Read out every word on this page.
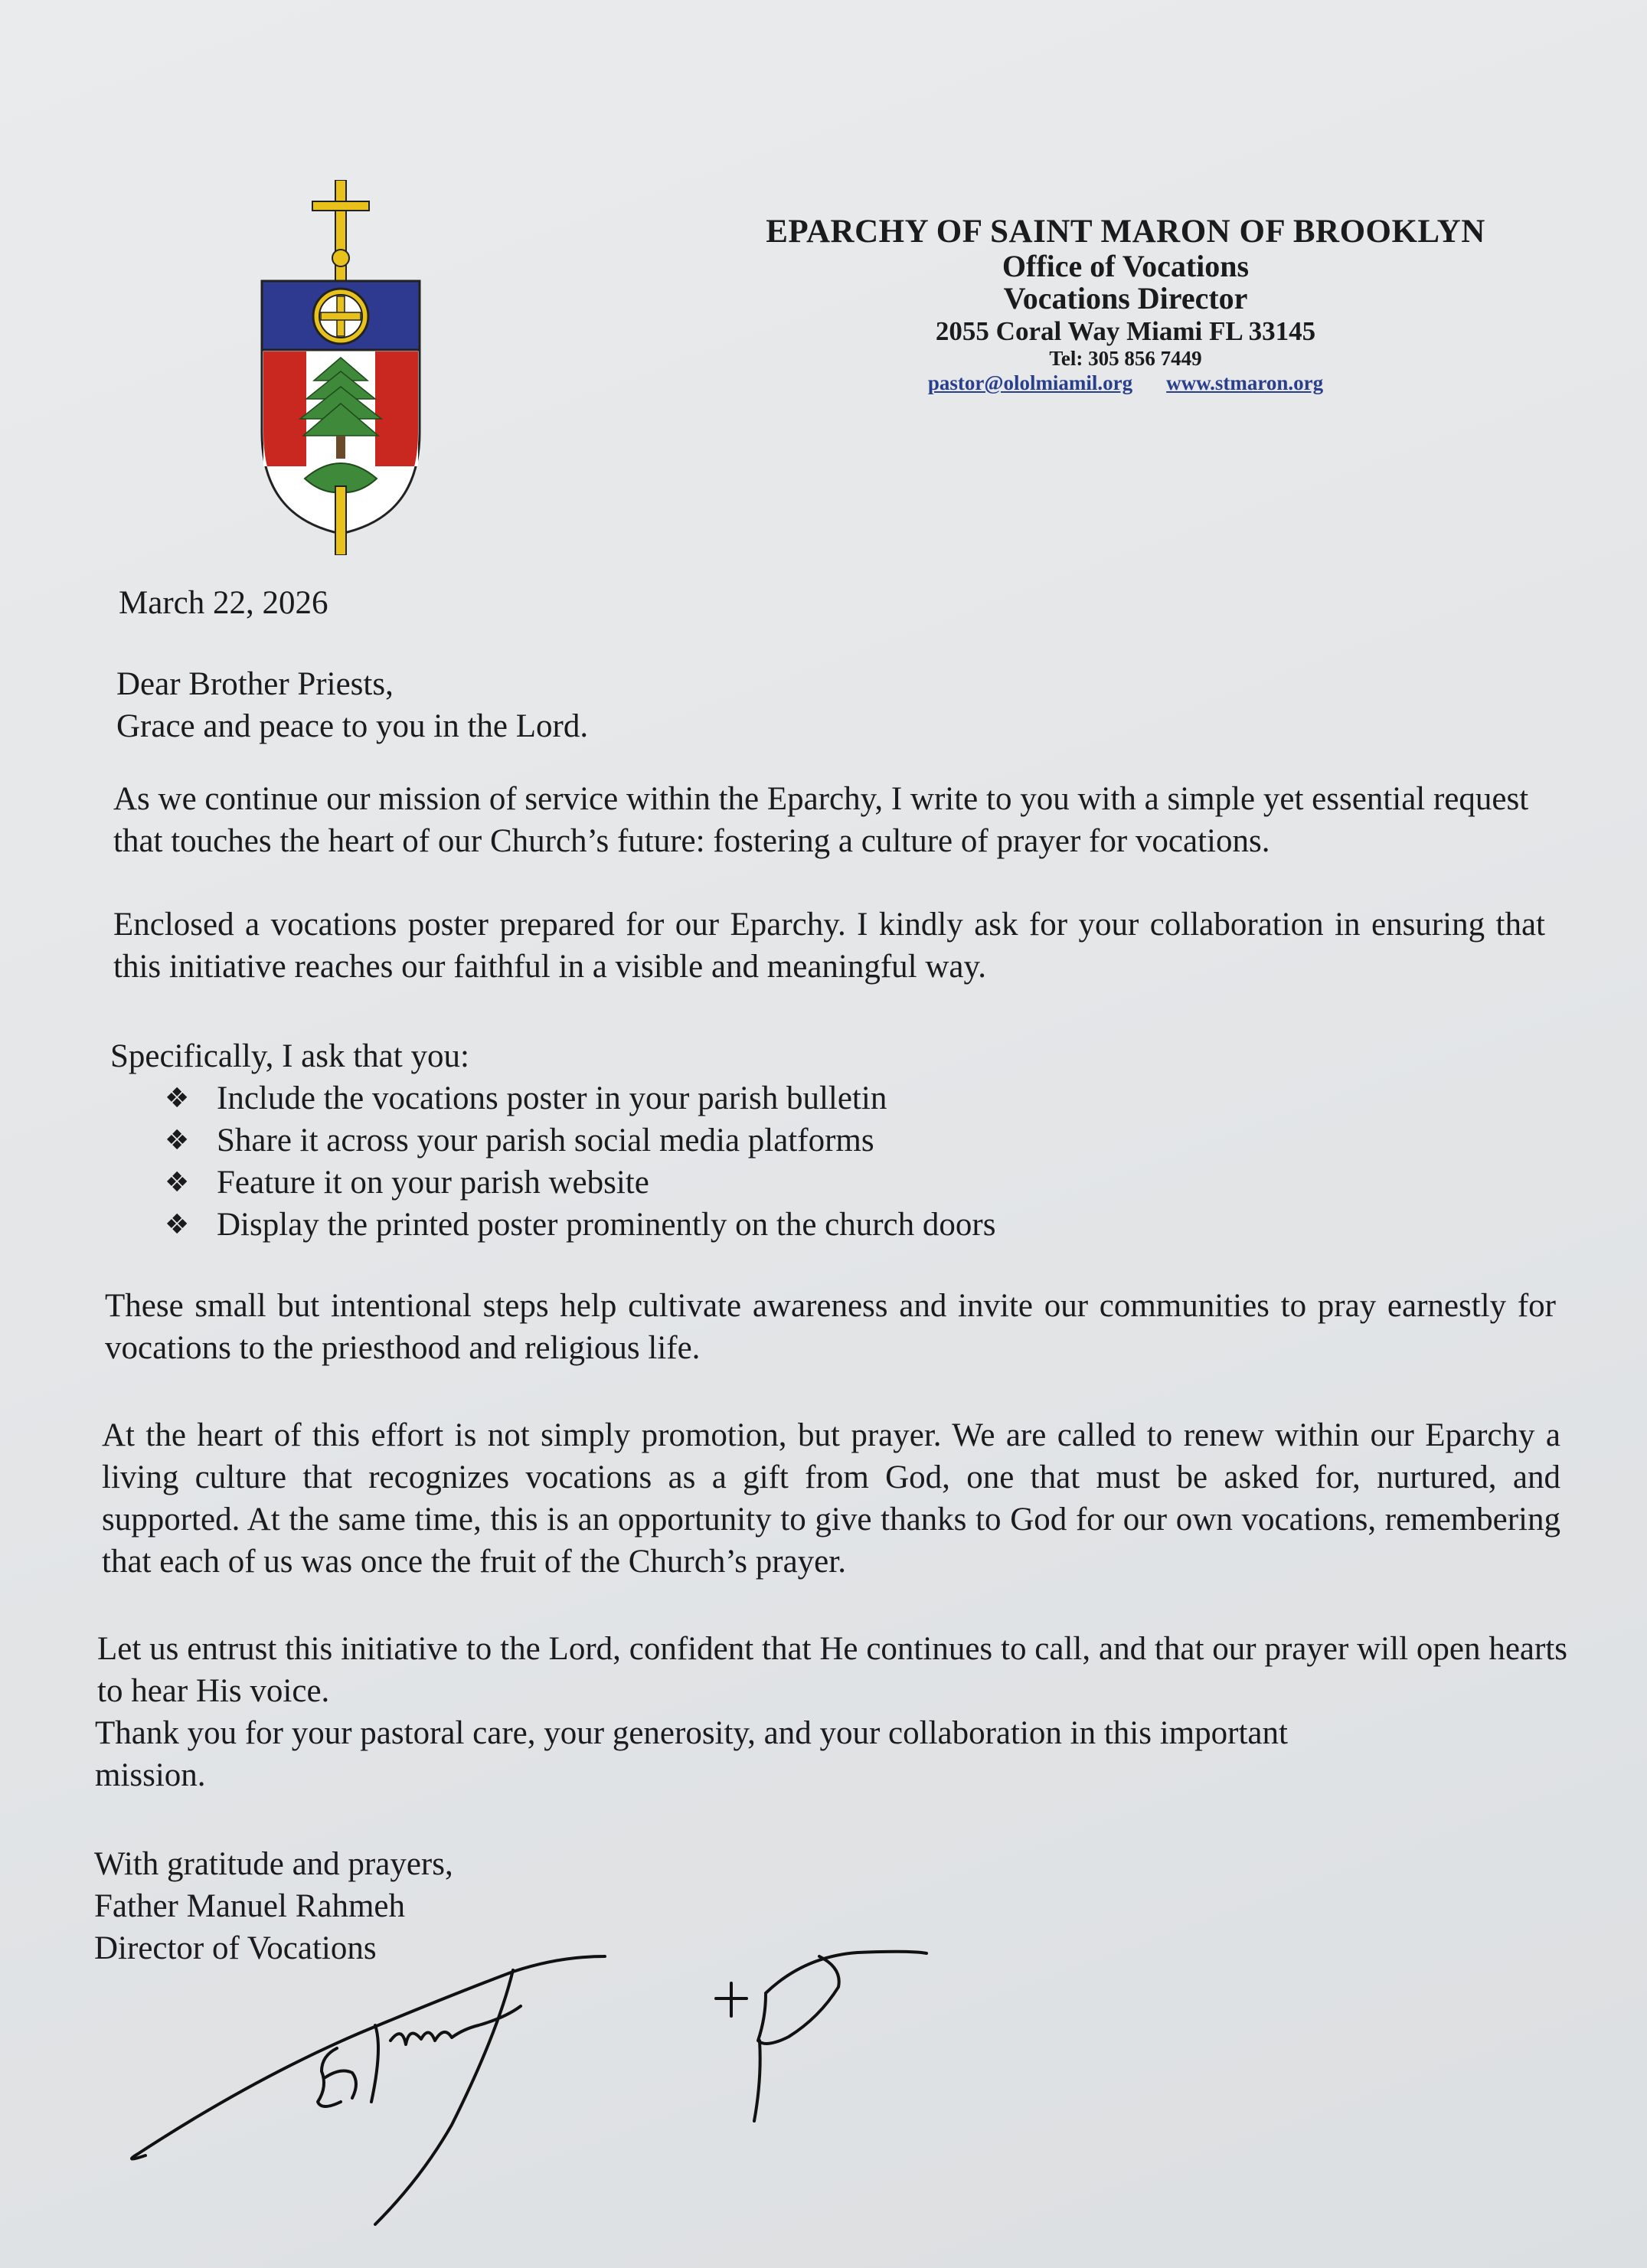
EPARCHY OF SAINT MARON OF BROOKLYN
Office of Vocations
Vocations Director
2055 Coral Way Miami FL 33145
Tel: 305 856 7449
pastor@ololmiamil.org www.stmaron.org
March 22, 2026
Dear Brother Priests,
Grace and peace to you in the Lord.
As we continue our mission of service within the Eparchy, I write to you with a simple yet essential request that touches the heart of our Church’s future: fostering a culture of prayer for vocations.
Enclosed a vocations poster prepared for our Eparchy. I kindly ask for your collaboration in ensuring that this initiative reaches our faithful in a visible and meaningful way.
Specifically, I ask that you:
❖ Include the vocations poster in your parish bulletin
❖ Share it across your parish social media platforms
❖ Feature it on your parish website
❖ Display the printed poster prominently on the church doors
These small but intentional steps help cultivate awareness and invite our communities to pray earnestly for vocations to the priesthood and religious life.
At the heart of this effort is not simply promotion, but prayer. We are called to renew within our Eparchy a living culture that recognizes vocations as a gift from God, one that must be asked for, nurtured, and supported. At the same time, this is an opportunity to give thanks to God for our own vocations, remembering that each of us was once the fruit of the Church’s prayer.
Let us entrust this initiative to the Lord, confident that He continues to call, and that our prayer will open hearts to hear His voice.
Thank you for your pastoral care, your generosity, and your collaboration in this important
mission.
With gratitude and prayers,
Father Manuel Rahmeh
Director of Vocations
